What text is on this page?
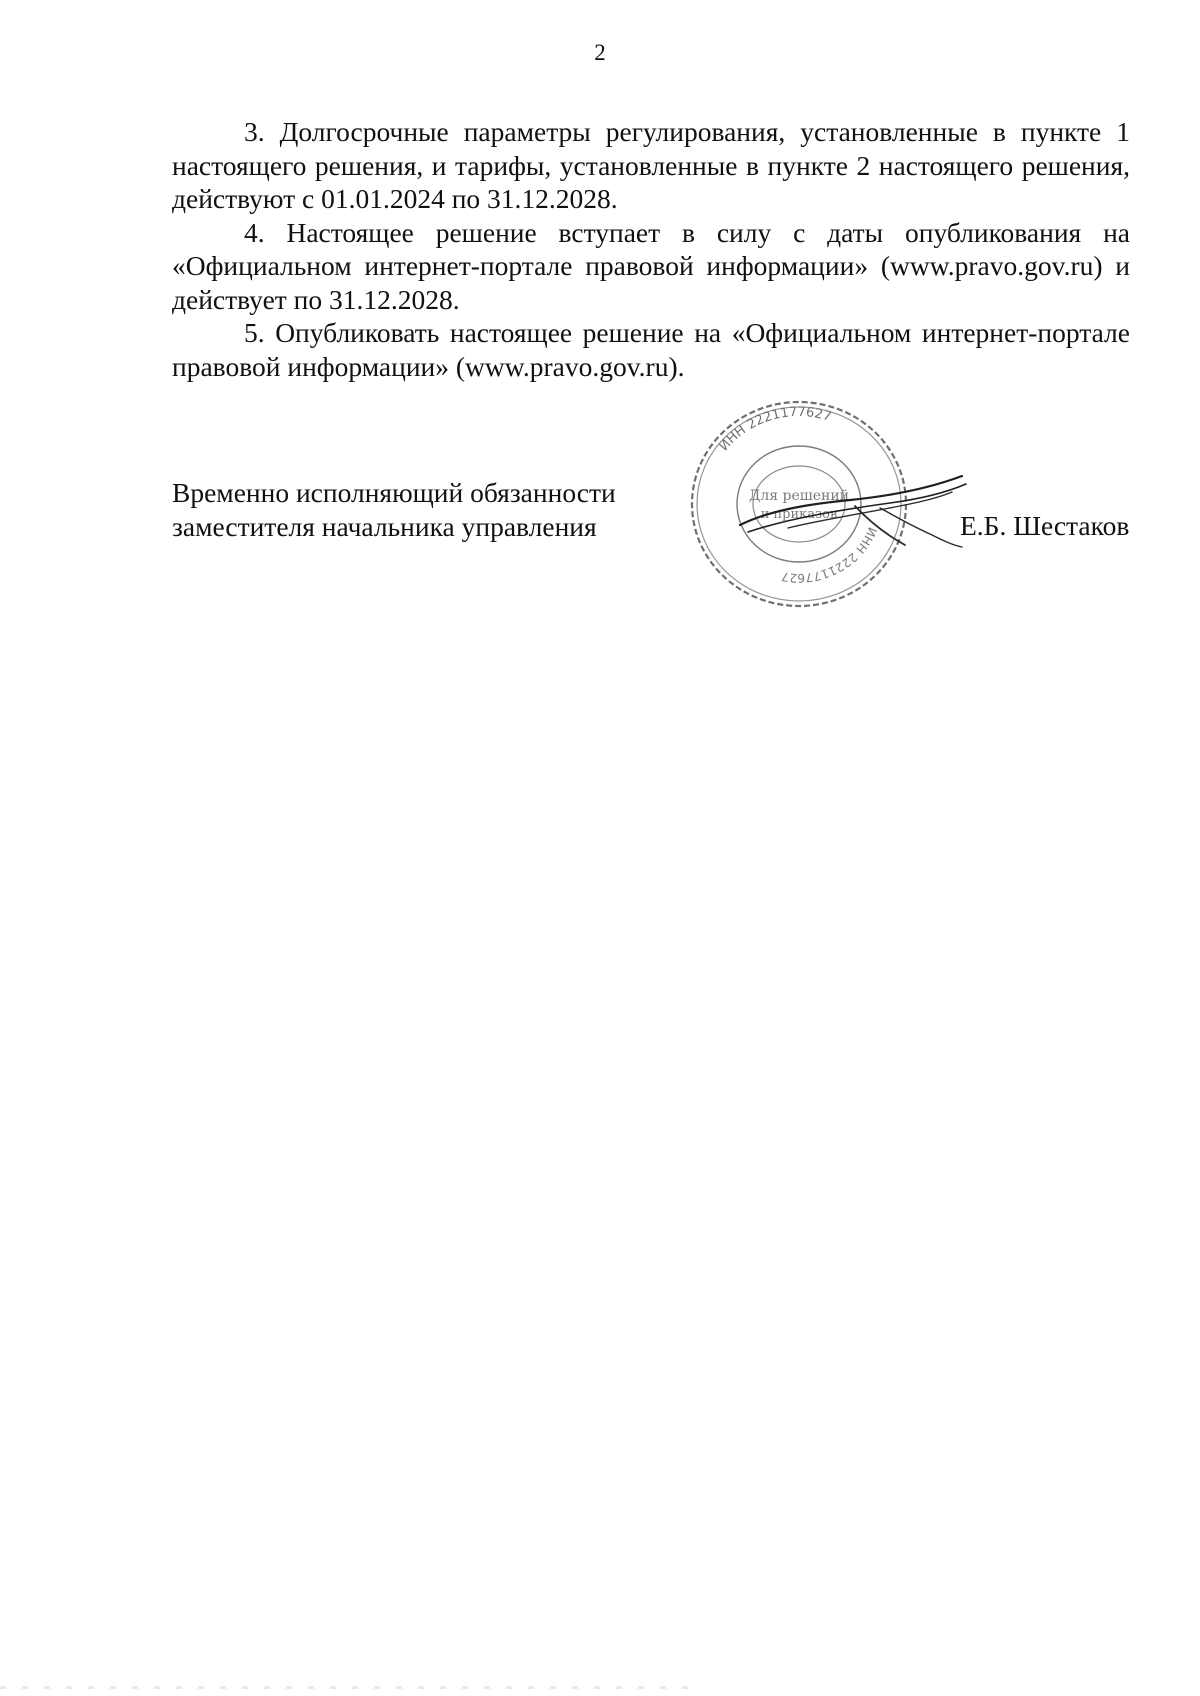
2

3. Долгосрочные параметры регулирования, установленные в пункте 1 настоящего решения, и тарифы, установленные в пункте 2 настоящего решения, действуют с 01.01.2024 по 31.12.2028.

4. Настоящее решение вступает в силу с даты опубликования на «Официальном интернет-портале правовой информации» (www.pravo.gov.ru) и действует по 31.12.2028.

5. Опубликовать настоящее решение на «Официальном интернет-портале правовой информации» (www.pravo.gov.ru).

Временно исполняющий обязанности
заместителя начальника управления
ИНН 2221177627
ИНН 2221177627
Для решений
и приказов	Е.Б. Шестаков
